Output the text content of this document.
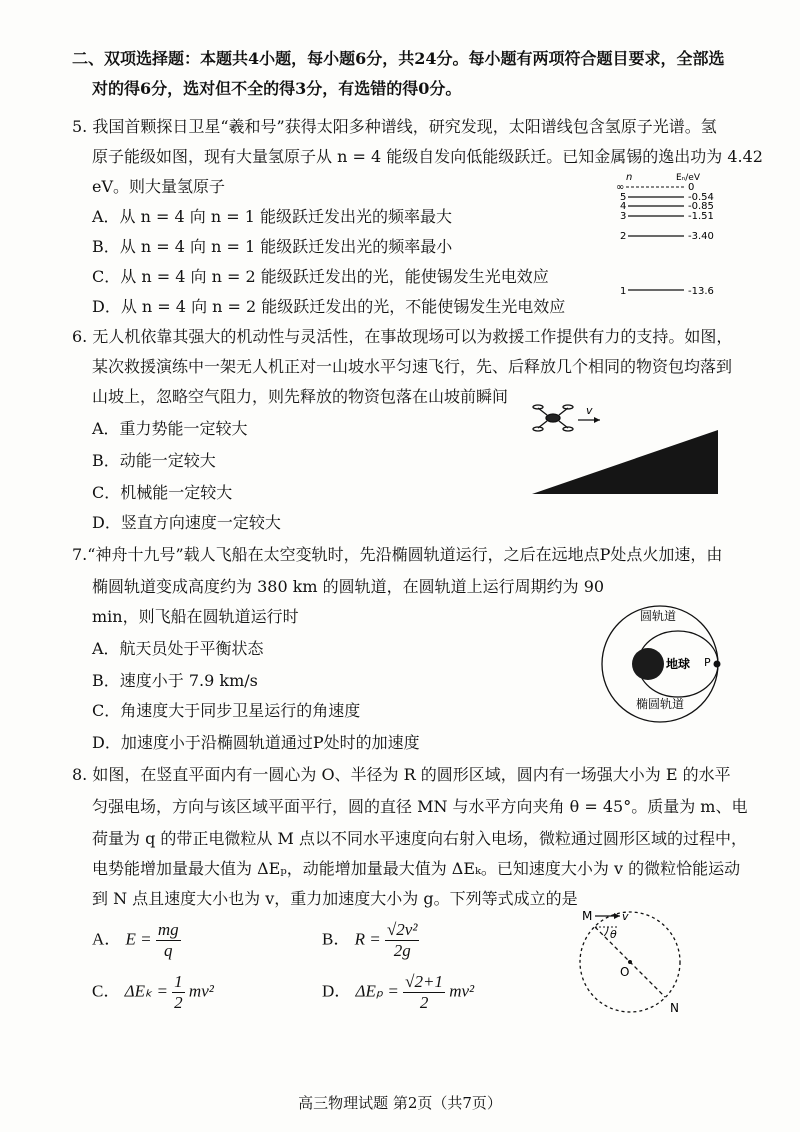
二、双项选择题：本题共4小题，每小题6分，共24分。每小题有两项符合题目要求，全部选
对的得6分，选对但不全的得3分，有选错的得0分。
5. 我国首颗探日卫星“羲和号”获得太阳多种谱线，研究发现，太阳谱线包含氢原子光谱。氢
原子能级如图，现有大量氢原子从 n = 4 能级自发向低能级跃迁。已知金属锡的逸出功为 4.42
eV。则大量氢原子
A．从 n = 4 向 n = 1 能级跃迁发出光的频率最大
B．从 n = 4 向 n = 1 能级跃迁发出光的频率最小
C．从 n = 4 向 n = 2 能级跃迁发出的光，能使锡发生光电效应
D．从 n = 4 向 n = 2 能级跃迁发出的光，不能使锡发生光电效应
n	Eₙ/eV
∞	0
5	-0.54
4	-0.85
3	-1.51
2	-3.40
1	-13.6
6. 无人机依靠其强大的机动性与灵活性，在事故现场可以为救援工作提供有力的支持。如图，
某次救援演练中一架无人机正对一山坡水平匀速飞行，先、后释放几个相同的物资包均落到
山坡上，忽略空气阻力，则先释放的物资包落在山坡前瞬间
A．重力势能一定较大
B．动能一定较大
C．机械能一定较大
D．竖直方向速度一定较大
v
7.“神舟十九号”载人飞船在太空变轨时，先沿椭圆轨道运行，之后在远地点P处点火加速，由
椭圆轨道变成高度约为 380 km 的圆轨道，在圆轨道上运行周期约为 90
min，则飞船在圆轨道运行时
A．航天员处于平衡状态
B．速度小于 7.9 km/s
C．角速度大于同步卫星运行的角速度
D．加速度小于沿椭圆轨道通过P处时的加速度
圆轨道
地球 P
椭圆轨道
8. 如图，在竖直平面内有一圆心为 O、半径为 R 的圆形区域，圆内有一场强大小为 E 的水平
匀强电场，方向与该区域平面平行，圆的直径 MN 与水平方向夹角 θ = 45°。质量为 m、电
荷量为 q 的带正电微粒从 M 点以不同水平速度向右射入电场，微粒通过圆形区域的过程中，
电势能增加量最大值为 ΔEₚ，动能增加量最大值为 ΔEₖ。已知速度大小为 v 的微粒恰能运动
到 N 点且速度大小也为 v，重力加速度大小为 g。下列等式成立的是
A． $E = \frac{mg}{q}$	B． $R = \frac{\text{√2v²}}{2g}$
C． $\Delta E_k = \frac{1}{2} mv^2$	D． $\Delta E_p = \frac{√2+1}{2} mv^2$
M	v
θ
O
N
高三物理试题 第2页（共7页）
